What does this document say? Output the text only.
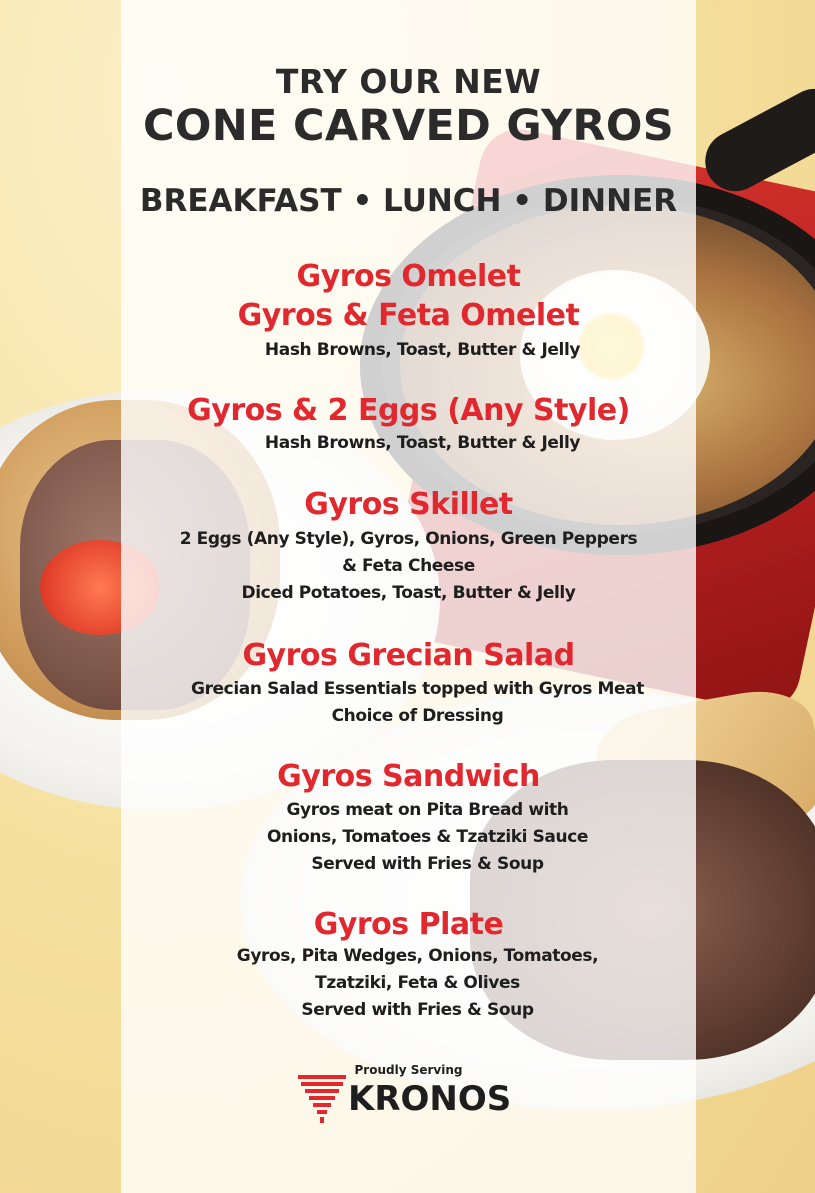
TRY OUR NEW
CONE CARVED GYROS
BREAKFAST • LUNCH • DINNER
Gyros Omelet
Gyros & Feta Omelet
Hash Browns, Toast, Butter & Jelly
Gyros & 2 Eggs (Any Style)
Hash Browns, Toast, Butter & Jelly
Gyros Skillet
2 Eggs (Any Style), Gyros, Onions, Green Peppers
& Feta Cheese
Diced Potatoes, Toast, Butter & Jelly
Gyros Grecian Salad
Grecian Salad Essentials topped with Gyros Meat
Choice of Dressing
Gyros Sandwich
Gyros meat on Pita Bread with
Onions, Tomatoes & Tzatziki Sauce
Served with Fries & Soup
Gyros Plate
Gyros, Pita Wedges, Onions, Tomatoes,
Tzatziki, Feta & Olives
Served with Fries & Soup
Proudly Serving
KRONOS
